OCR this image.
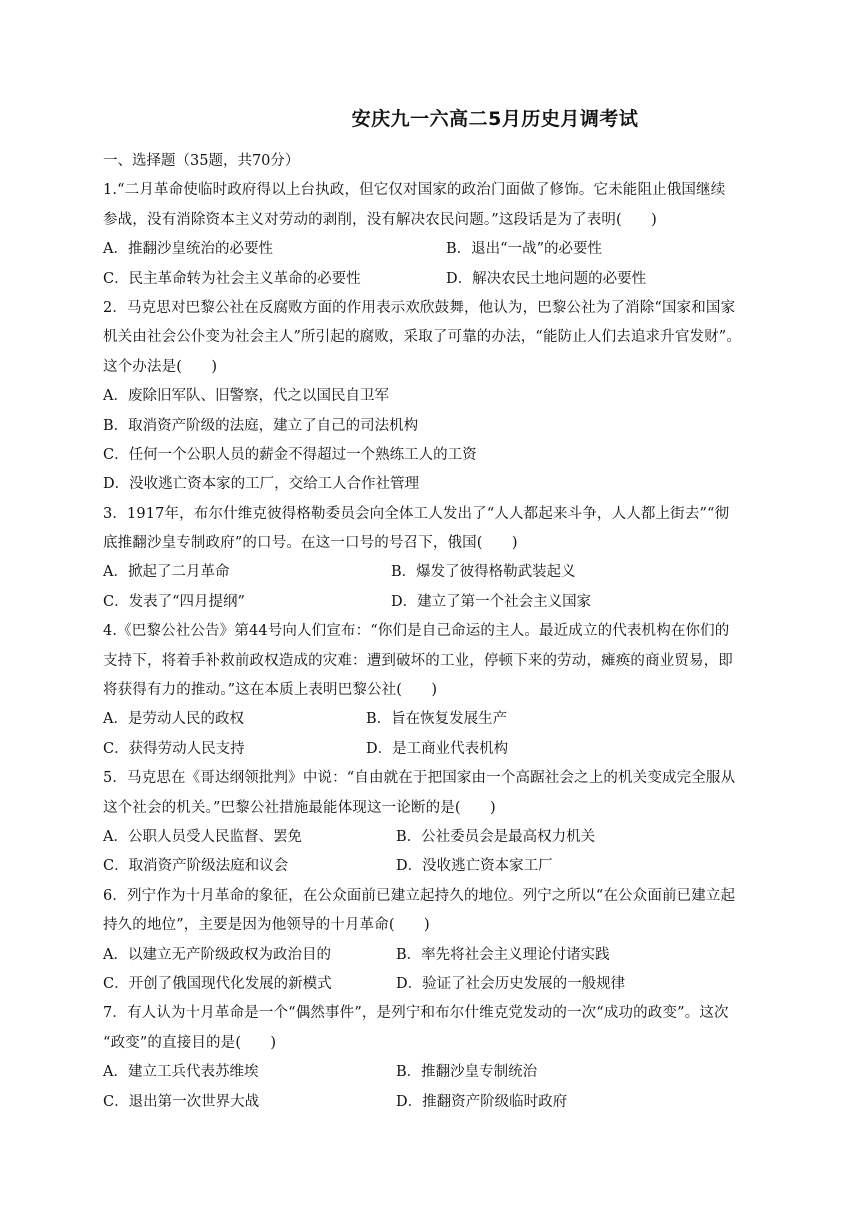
安庆九一六高二5月历史月调考试
一、选择题（35题，共70分）
1.“二月革命使临时政府得以上台执政，但它仅对国家的政治门面做了修饰。它未能阻止俄国继续
参战，没有消除资本主义对劳动的剥削，没有解决农民问题。”这段话是为了表明(　　)
A．推翻沙皇统治的必要性	B．退出“一战”的必要性
C．民主革命转为社会主义革命的必要性	D．解决农民土地问题的必要性
2．马克思对巴黎公社在反腐败方面的作用表示欢欣鼓舞，他认为，巴黎公社为了消除“国家和国家
机关由社会公仆变为社会主人”所引起的腐败，采取了可靠的办法，“能防止人们去追求升官发财”。
这个办法是(　　)
A．废除旧军队、旧警察，代之以国民自卫军
B．取消资产阶级的法庭，建立了自己的司法机构
C．任何一个公职人员的薪金不得超过一个熟练工人的工资
D．没收逃亡资本家的工厂，交给工人合作社管理
3．1917年，布尔什维克彼得格勒委员会向全体工人发出了“人人都起来斗争，人人都上街去”“彻
底推翻沙皇专制政府”的口号。在这一口号的号召下，俄国(　　)
A．掀起了二月革命	B．爆发了彼得格勒武装起义
C．发表了“四月提纲”	D．建立了第一个社会主义国家
4.《巴黎公社公告》第44号向人们宣布：“你们是自己命运的主人。最近成立的代表机构在你们的
支持下，将着手补救前政权造成的灾难：遭到破坏的工业，停顿下来的劳动，瘫痪的商业贸易，即
将获得有力的推动。”这在本质上表明巴黎公社(　　)
A．是劳动人民的政权	B．旨在恢复发展生产
C．获得劳动人民支持	D．是工商业代表机构
5．马克思在《哥达纲领批判》中说：“自由就在于把国家由一个高踞社会之上的机关变成完全服从
这个社会的机关。”巴黎公社措施最能体现这一论断的是(　　)
A．公职人员受人民监督、罢免	B．公社委员会是最高权力机关
C．取消资产阶级法庭和议会	D．没收逃亡资本家工厂
6．列宁作为十月革命的象征，在公众面前已建立起持久的地位。列宁之所以“在公众面前已建立起
持久的地位”，主要是因为他领导的十月革命(　　)
A．以建立无产阶级政权为政治目的	B．率先将社会主义理论付诸实践
C．开创了俄国现代化发展的新模式	D．验证了社会历史发展的一般规律
7．有人认为十月革命是一个“偶然事件”，是列宁和布尔什维克党发动的一次“成功的政变”。这次
“政变”的直接目的是(　　)
A．建立工兵代表苏维埃	B．推翻沙皇专制统治
C．退出第一次世界大战	D．推翻资产阶级临时政府
